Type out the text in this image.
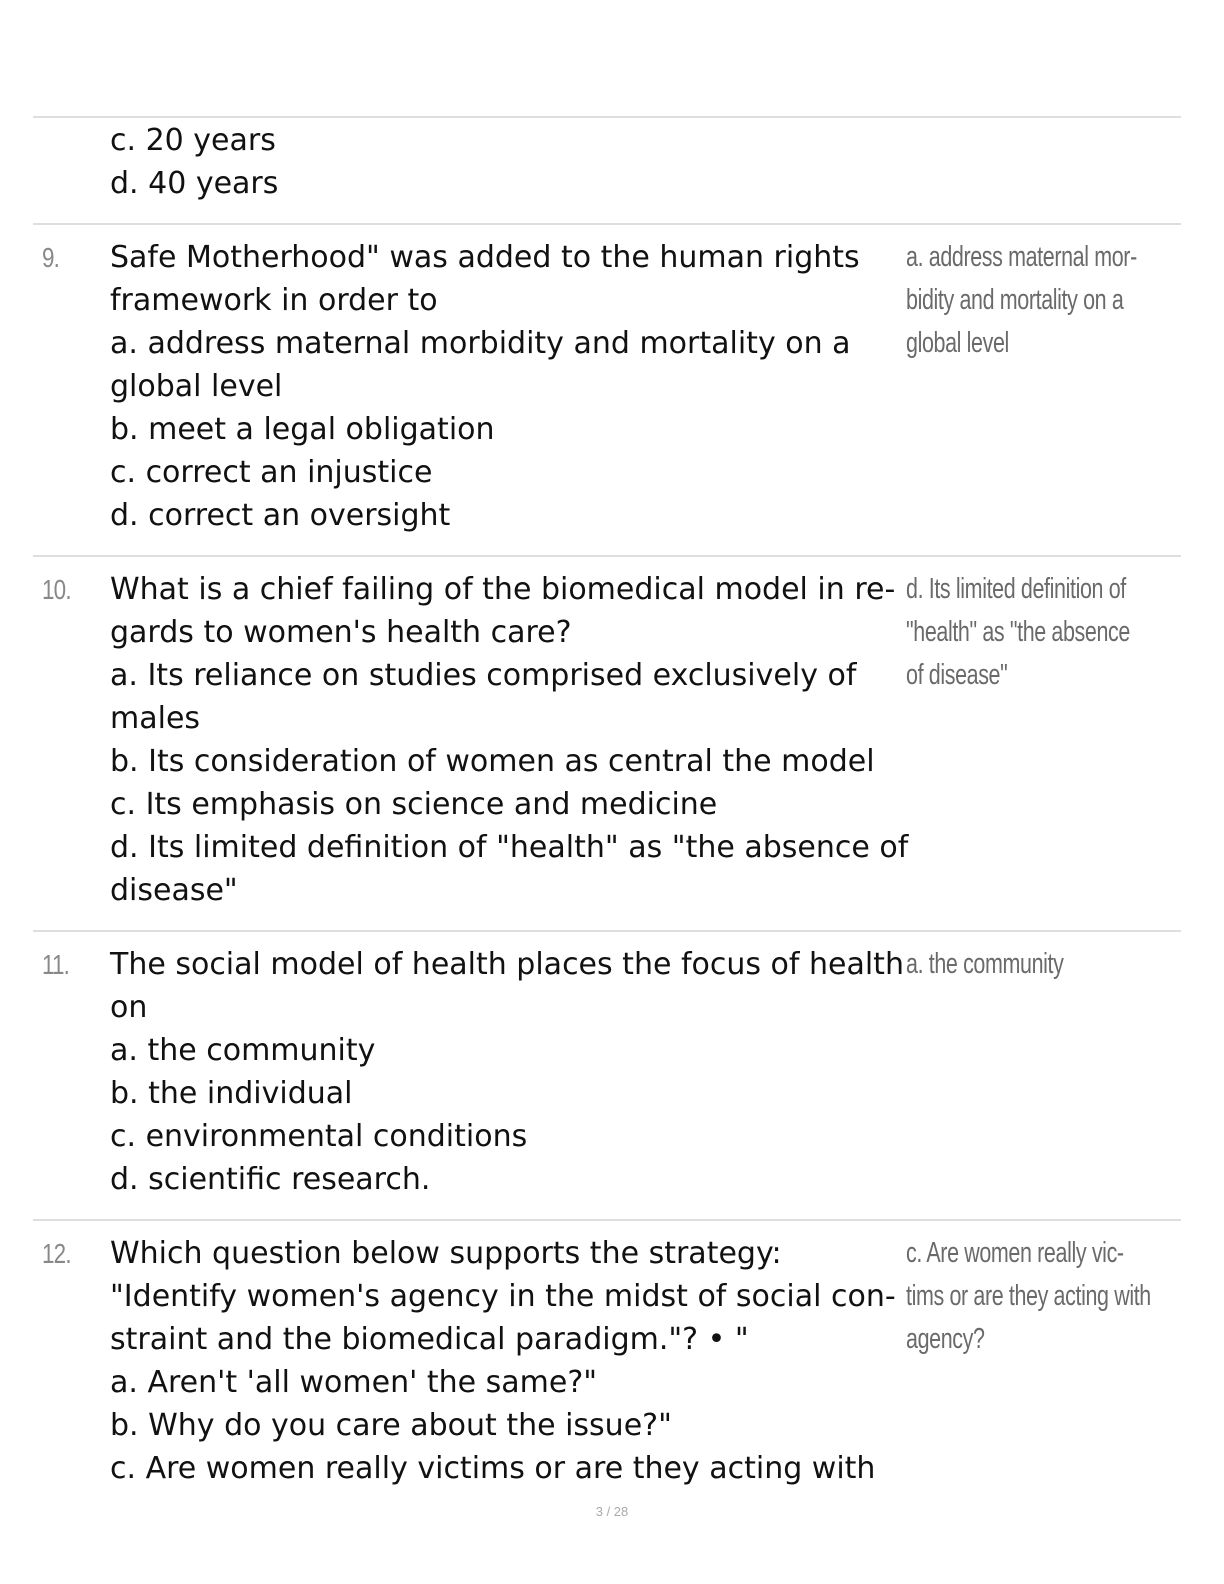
c. 20 years
d. 40 years

9. Safe Motherhood" was added to the human rights
framework in order to
a. address maternal morbidity and mortality on a
global level
b. meet a legal obligation
c. correct an injustice
d. correct an oversight

a. address maternal mor-
bidity and mortality on a
global level
10. What is a chief failing of the biomedical model in re-
gards to women's health care?
a. Its reliance on studies comprised exclusively of
males
b. Its consideration of women as central the model
c. Its emphasis on science and medicine
d. Its limited definition of "health" as "the absence of
disease"

d. Its limited definition of
"health" as "the absence
of disease"
11. The social model of health places the focus of health
on
a. the community
b. the individual
c. environmental conditions
d. scientific research.

a. the community
12. Which question below supports the strategy:
"Identify women's agency in the midst of social con-
straint and the biomedical paradigm."? • "
a. Aren't 'all women' the same?"
b. Why do you care about the issue?"
c. Are women really victims or are they acting with

c. Are women really vic-
tims or are they acting with
agency?
3 / 28
